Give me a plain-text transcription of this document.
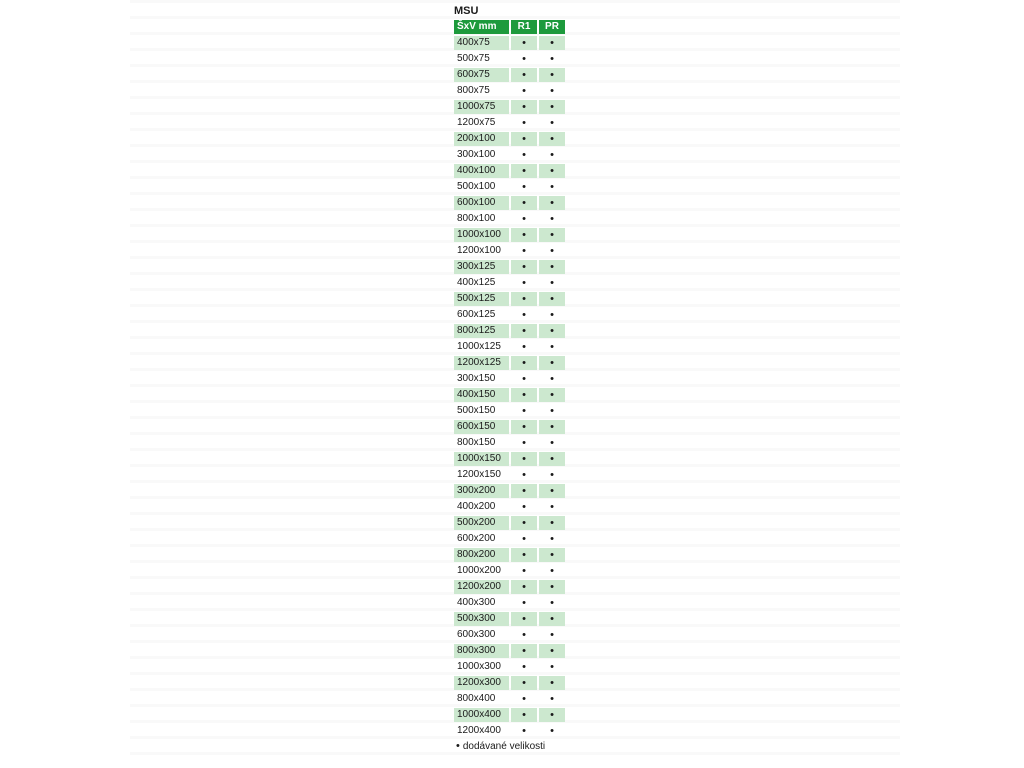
MSU
ŠxV mm	R1	PR
400x75	•	•
500x75	•	•
600x75	•	•
800x75	•	•
1000x75	•	•
1200x75	•	•
200x100	•	•
300x100	•	•
400x100	•	•
500x100	•	•
600x100	•	•
800x100	•	•
1000x100	•	•
1200x100	•	•
300x125	•	•
400x125	•	•
500x125	•	•
600x125	•	•
800x125	•	•
1000x125	•	•
1200x125	•	•
300x150	•	•
400x150	•	•
500x150	•	•
600x150	•	•
800x150	•	•
1000x150	•	•
1200x150	•	•
300x200	•	•
400x200	•	•
500x200	•	•
600x200	•	•
800x200	•	•
1000x200	•	•
1200x200	•	•
400x300	•	•
500x300	•	•
600x300	•	•
800x300	•	•
1000x300	•	•
1200x300	•	•
800x400	•	•
1000x400	•	•
1200x400	•	•
• dodávané velikosti
